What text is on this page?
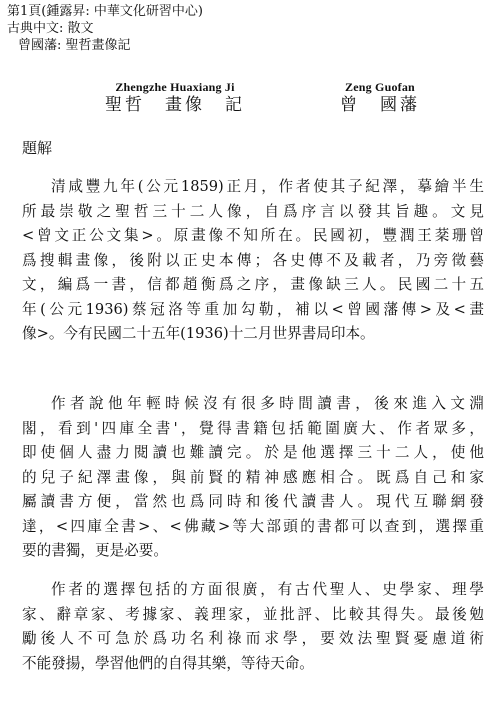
第1頁(鍾露昇: 中華文化研習中心)
古典中文: 散文
曾國藩: 聖哲畫像記
Zhengzhe Huaxiang Ji
聖哲　畫像　記
Zeng Guofan
曾　國藩
題解
清咸豐九年(公元1859)正月，作者使其子紀澤，摹繪半生
所最崇敬之聖哲三十二人像，自爲序言以發其旨趣。文見
<曾文正公文集>。原畫像不知所在。民國初，豐潤王棻珊曾
爲搜輯畫像，後附以正史本傳；各史傳不及載者，乃旁徵藝
文，編爲一書，信都趙衡爲之序，畫像缺三人。民國二十五
年(公元1936)蔡冠洛等重加勾勒，補以<曾國藩傳>及<畫
像>。今有民國二十五年(1936)十二月世界書局印本。
作者說他年輕時候沒有很多時間讀書，後來進入文淵
閣，看到'四庫全書'，覺得書籍包括範圍廣大、作者眾多，
即使個人盡力閱讀也難讀完。於是他選擇三十二人，使他
的兒子紀澤畫像，與前賢的精神感應相合。既爲自己和家
屬讀書方便，當然也爲同時和後代讀書人。現代互聯網發
達，<四庫全書>、<佛藏>等大部頭的書都可以查到，選擇重
要的書獨，更是必要。
作者的選擇包括的方面很廣，有古代聖人、史學家、理學
家、辭章家、考據家、義理家，並批評、比較其得失。最後勉
勵後人不可急於爲功名利祿而求學，要效法聖賢憂慮道術
不能發揚，學習他們的自得其樂，等待天命。
